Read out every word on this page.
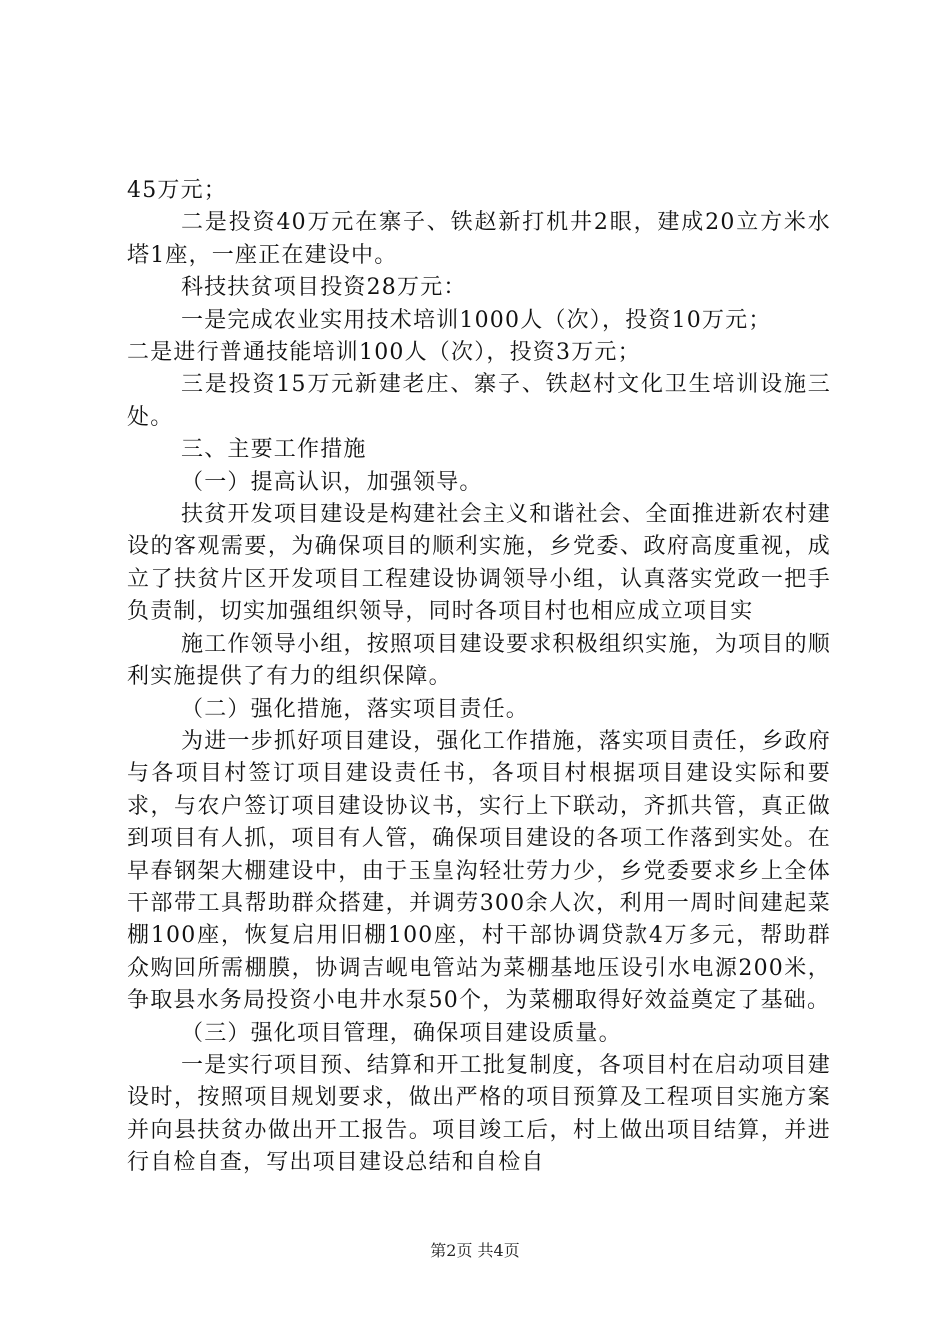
45万元；

二是投资40万元在寨子、铁赵新打机井2眼，建成20立方米水塔1座，一座正在建设中。

科技扶贫项目投资28万元：

一是完成农业实用技术培训1000人（次），投资10万元；

二是进行普通技能培训100人（次），投资3万元；

三是投资15万元新建老庄、寨子、铁赵村文化卫生培训设施三处。

三、主要工作措施

（一）提高认识，加强领导。

扶贫开发项目建设是构建社会主义和谐社会、全面推进新农村建设的客观需要，为确保项目的顺利实施，乡党委、政府高度重视，成立了扶贫片区开发项目工程建设协调领导小组，认真落实党政一把手负责制，切实加强组织领导，同时各项目村也相应成立项目实

施工作领导小组，按照项目建设要求积极组织实施，为项目的顺利实施提供了有力的组织保障。

（二）强化措施，落实项目责任。

为进一步抓好项目建设，强化工作措施，落实项目责任，乡政府与各项目村签订项目建设责任书，各项目村根据项目建设实际和要求，与农户签订项目建设协议书，实行上下联动，齐抓共管，真正做到项目有人抓，项目有人管，确保项目建设的各项工作落到实处。在早春钢架大棚建设中，由于玉皇沟轻壮劳力少，乡党委要求乡上全体干部带工具帮助群众搭建，并调劳300余人次，利用一周时间建起菜棚100座，恢复启用旧棚100座，村干部协调贷款4万多元，帮助群众购回所需棚膜，协调吉岘电管站为菜棚基地压设引水电源200米，争取县水务局投资小电井水泵50个，为菜棚取得好效益奠定了基础。

（三）强化项目管理，确保项目建设质量。

一是实行项目预、结算和开工批复制度，各项目村在启动项目建设时，按照项目规划要求，做出严格的项目预算及工程项目实施方案并向县扶贫办做出开工报告。项目竣工后，村上做出项目结算，并进行自检自查，写出项目建设总结和自检自

第2页 共4页
